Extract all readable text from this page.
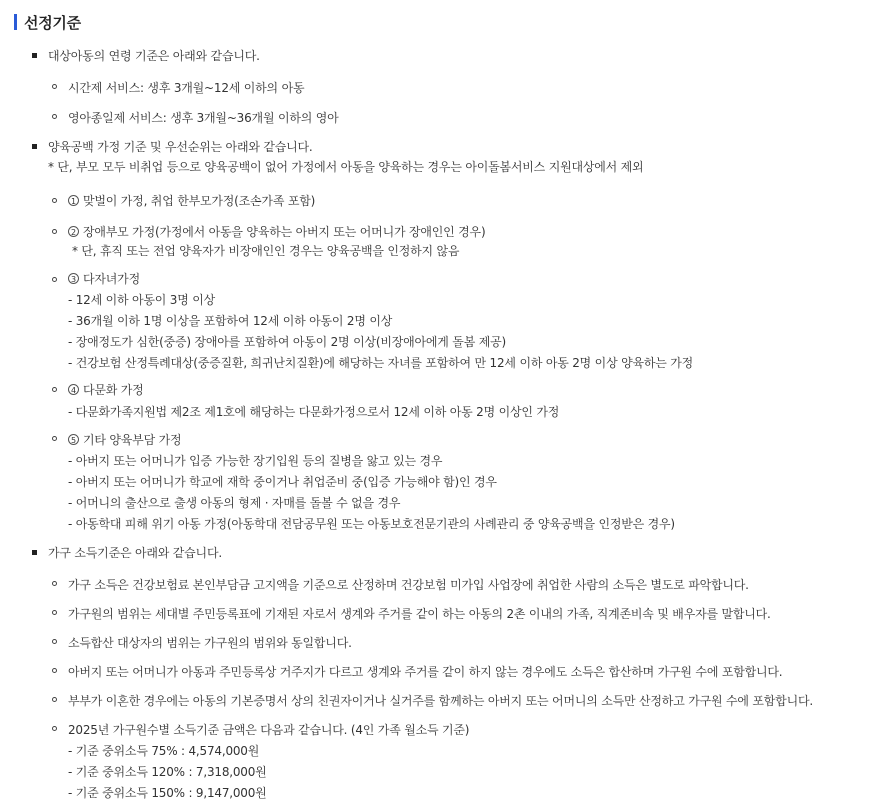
선정기준
대상아동의 연령 기준은 아래와 같습니다.
시간제 서비스: 생후 3개월~12세 이하의 아동
영아종일제 서비스: 생후 3개월~36개월 이하의 영아
양육공백 가정 기준 및 우선순위는 아래와 같습니다.
* 단, 부모 모두 비취업 등으로 양육공백이 없어 가정에서 아동을 양육하는 경우는 아이돌봄서비스 지원대상에서 제외
1 맞벌이 가정, 취업 한부모가정(조손가족 포함)
2 장애부모 가정(가정에서 아동을 양육하는 아버지 또는 어머니가 장애인인 경우)
* 단, 휴직 또는 전업 양육자가 비장애인인 경우는 양육공백을 인정하지 않음
3 다자녀가정
- 12세 이하 아동이 3명 이상
- 36개월 이하 1명 이상을 포함하여 12세 이하 아동이 2명 이상
- 장애정도가 심한(중증) 장애아를 포함하여 아동이 2명 이상(비장애아에게 돌봄 제공)
- 건강보험 산정특례대상(중증질환, 희귀난치질환)에 해당하는 자녀를 포함하여 만 12세 이하 아동 2명 이상 양육하는 가정
4 다문화 가정
- 다문화가족지원법 제2조 제1호에 해당하는 다문화가정으로서 12세 이하 아동 2명 이상인 가정
5 기타 양육부담 가정
- 아버지 또는 어머니가 입증 가능한 장기입원 등의 질병을 앓고 있는 경우
- 아버지 또는 어머니가 학교에 재학 중이거나 취업준비 중(입증 가능해야 함)인 경우
- 어머니의 출산으로 출생 아동의 형제 · 자매를 돌볼 수 없을 경우
- 아동학대 피해 위기 아동 가정(아동학대 전담공무원 또는 아동보호전문기관의 사례관리 중 양육공백을 인정받은 경우)
가구 소득기준은 아래와 같습니다.
가구 소득은 건강보험료 본인부담금 고지액을 기준으로 산정하며 건강보험 미가입 사업장에 취업한 사람의 소득은 별도로 파악합니다.
가구원의 범위는 세대별 주민등록표에 기재된 자로서 생계와 주거를 같이 하는 아동의 2촌 이내의 가족, 직계존비속 및 배우자를 말합니다.
소득합산 대상자의 범위는 가구원의 범위와 동일합니다.
아버지 또는 어머니가 아동과 주민등록상 거주지가 다르고 생계와 주거를 같이 하지 않는 경우에도 소득은 합산하며 가구원 수에 포함합니다.
부부가 이혼한 경우에는 아동의 기본증명서 상의 친권자이거나 실거주를 함께하는 아버지 또는 어머니의 소득만 산정하고 가구원 수에 포함합니다.
2025년 가구원수별 소득기준 금액은 다음과 같습니다. (4인 가족 월소득 기준)
- 기준 중위소득 75% : 4,574,000원
- 기준 중위소득 120% : 7,318,000원
- 기준 중위소득 150% : 9,147,000원
